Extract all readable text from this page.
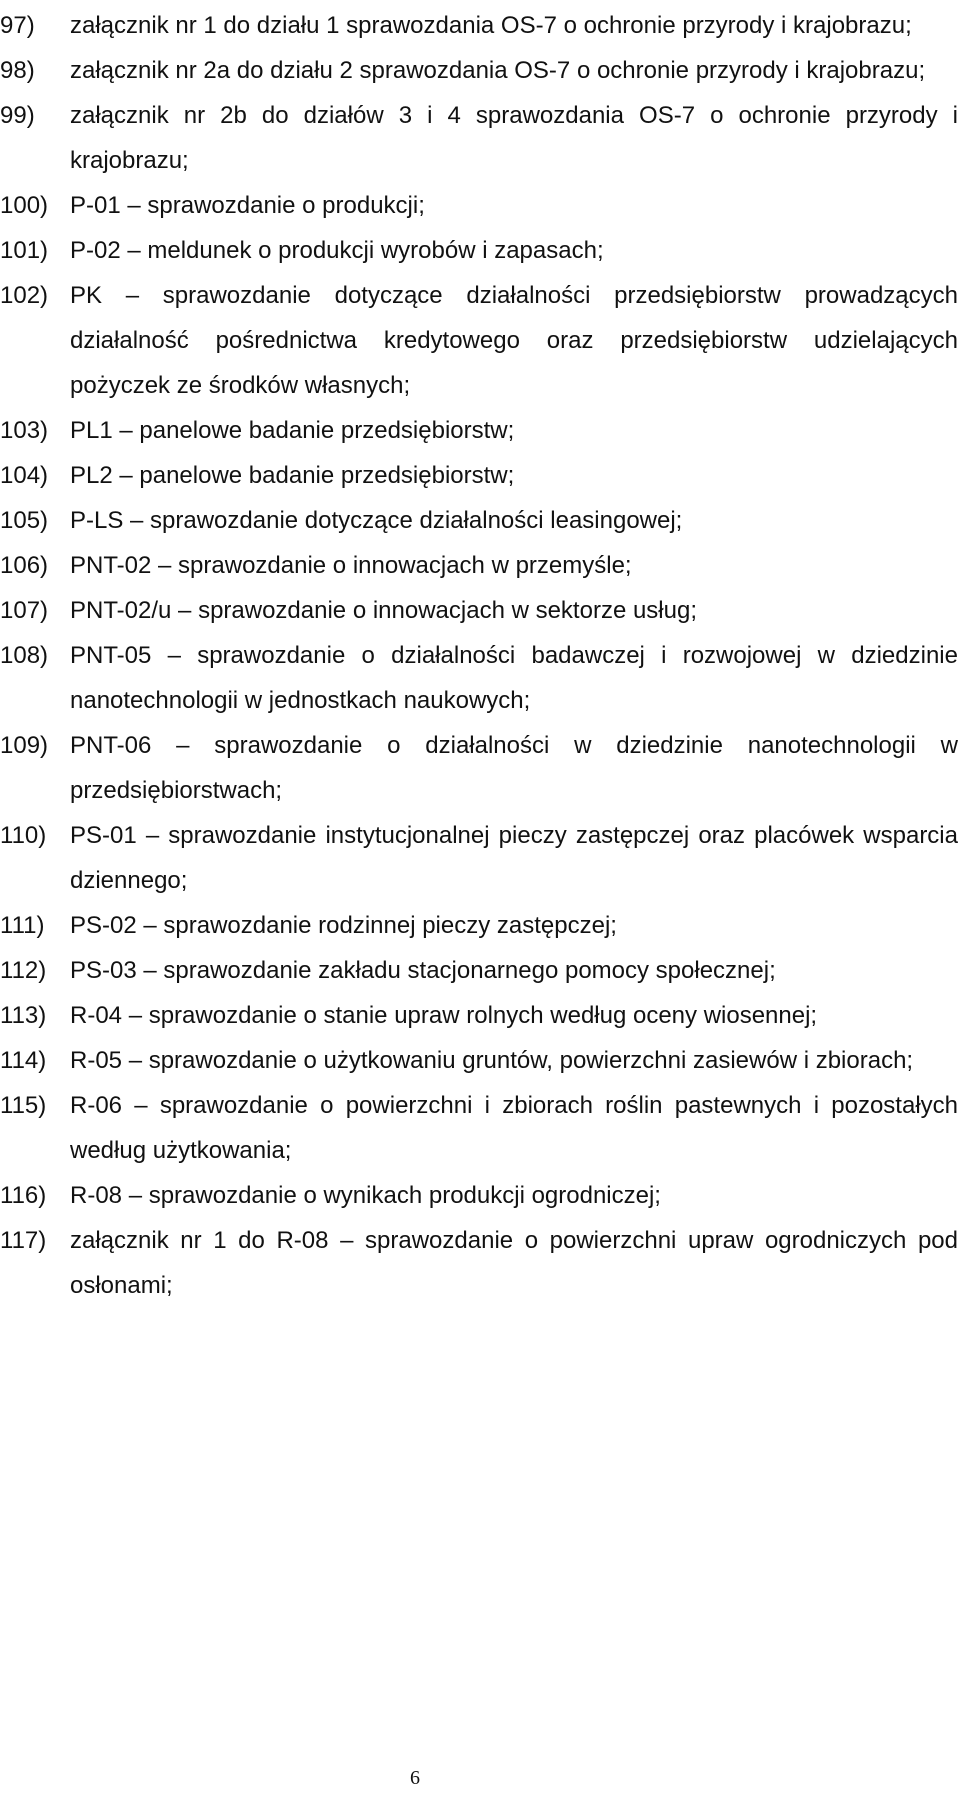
97)	załącznik nr 1 do działu 1 sprawozdania OS-7 o ochronie przyrody i krajobrazu;
98)	załącznik nr 2a do działu 2 sprawozdania OS-7 o ochronie przyrody i krajobrazu;
99)	załącznik nr 2b do działów 3 i 4 sprawozdania OS-7 o ochronie przyrody i krajobrazu;
100) P-01 – sprawozdanie o produkcji;
101) P-02 – meldunek o produkcji wyrobów i zapasach;
102) PK – sprawozdanie dotyczące działalności przedsiębiorstw prowadzących działalność pośrednictwa kredytowego oraz przedsiębiorstw udzielających pożyczek ze środków własnych;
103) PL1 – panelowe badanie przedsiębiorstw;
104) PL2 – panelowe badanie przedsiębiorstw;
105) P-LS – sprawozdanie dotyczące działalności leasingowej;
106) PNT-02 – sprawozdanie o innowacjach w przemyśle;
107) PNT-02/u – sprawozdanie o innowacjach w sektorze usług;
108) PNT-05 – sprawozdanie o działalności badawczej i rozwojowej w dziedzinie nanotechnologii w jednostkach naukowych;
109) PNT-06 – sprawozdanie o działalności w dziedzinie nanotechnologii w przedsiębiorstwach;
110) PS-01 – sprawozdanie instytucjonalnej pieczy zastępczej oraz placówek wsparcia dziennego;
111)	PS-02 – sprawozdanie rodzinnej pieczy zastępczej;
112) PS-03 – sprawozdanie zakładu stacjonarnego pomocy społecznej;
113) R-04 – sprawozdanie o stanie upraw rolnych według oceny wiosennej;
114) R-05 – sprawozdanie o użytkowaniu gruntów, powierzchni zasiewów i zbiorach;
115) R-06 – sprawozdanie o powierzchni i zbiorach roślin pastewnych i pozostałych według użytkowania;
116) R-08 – sprawozdanie o wynikach produkcji ogrodniczej;
117) załącznik nr 1 do R-08 – sprawozdanie o powierzchni upraw ogrodniczych pod osłonami;
6
